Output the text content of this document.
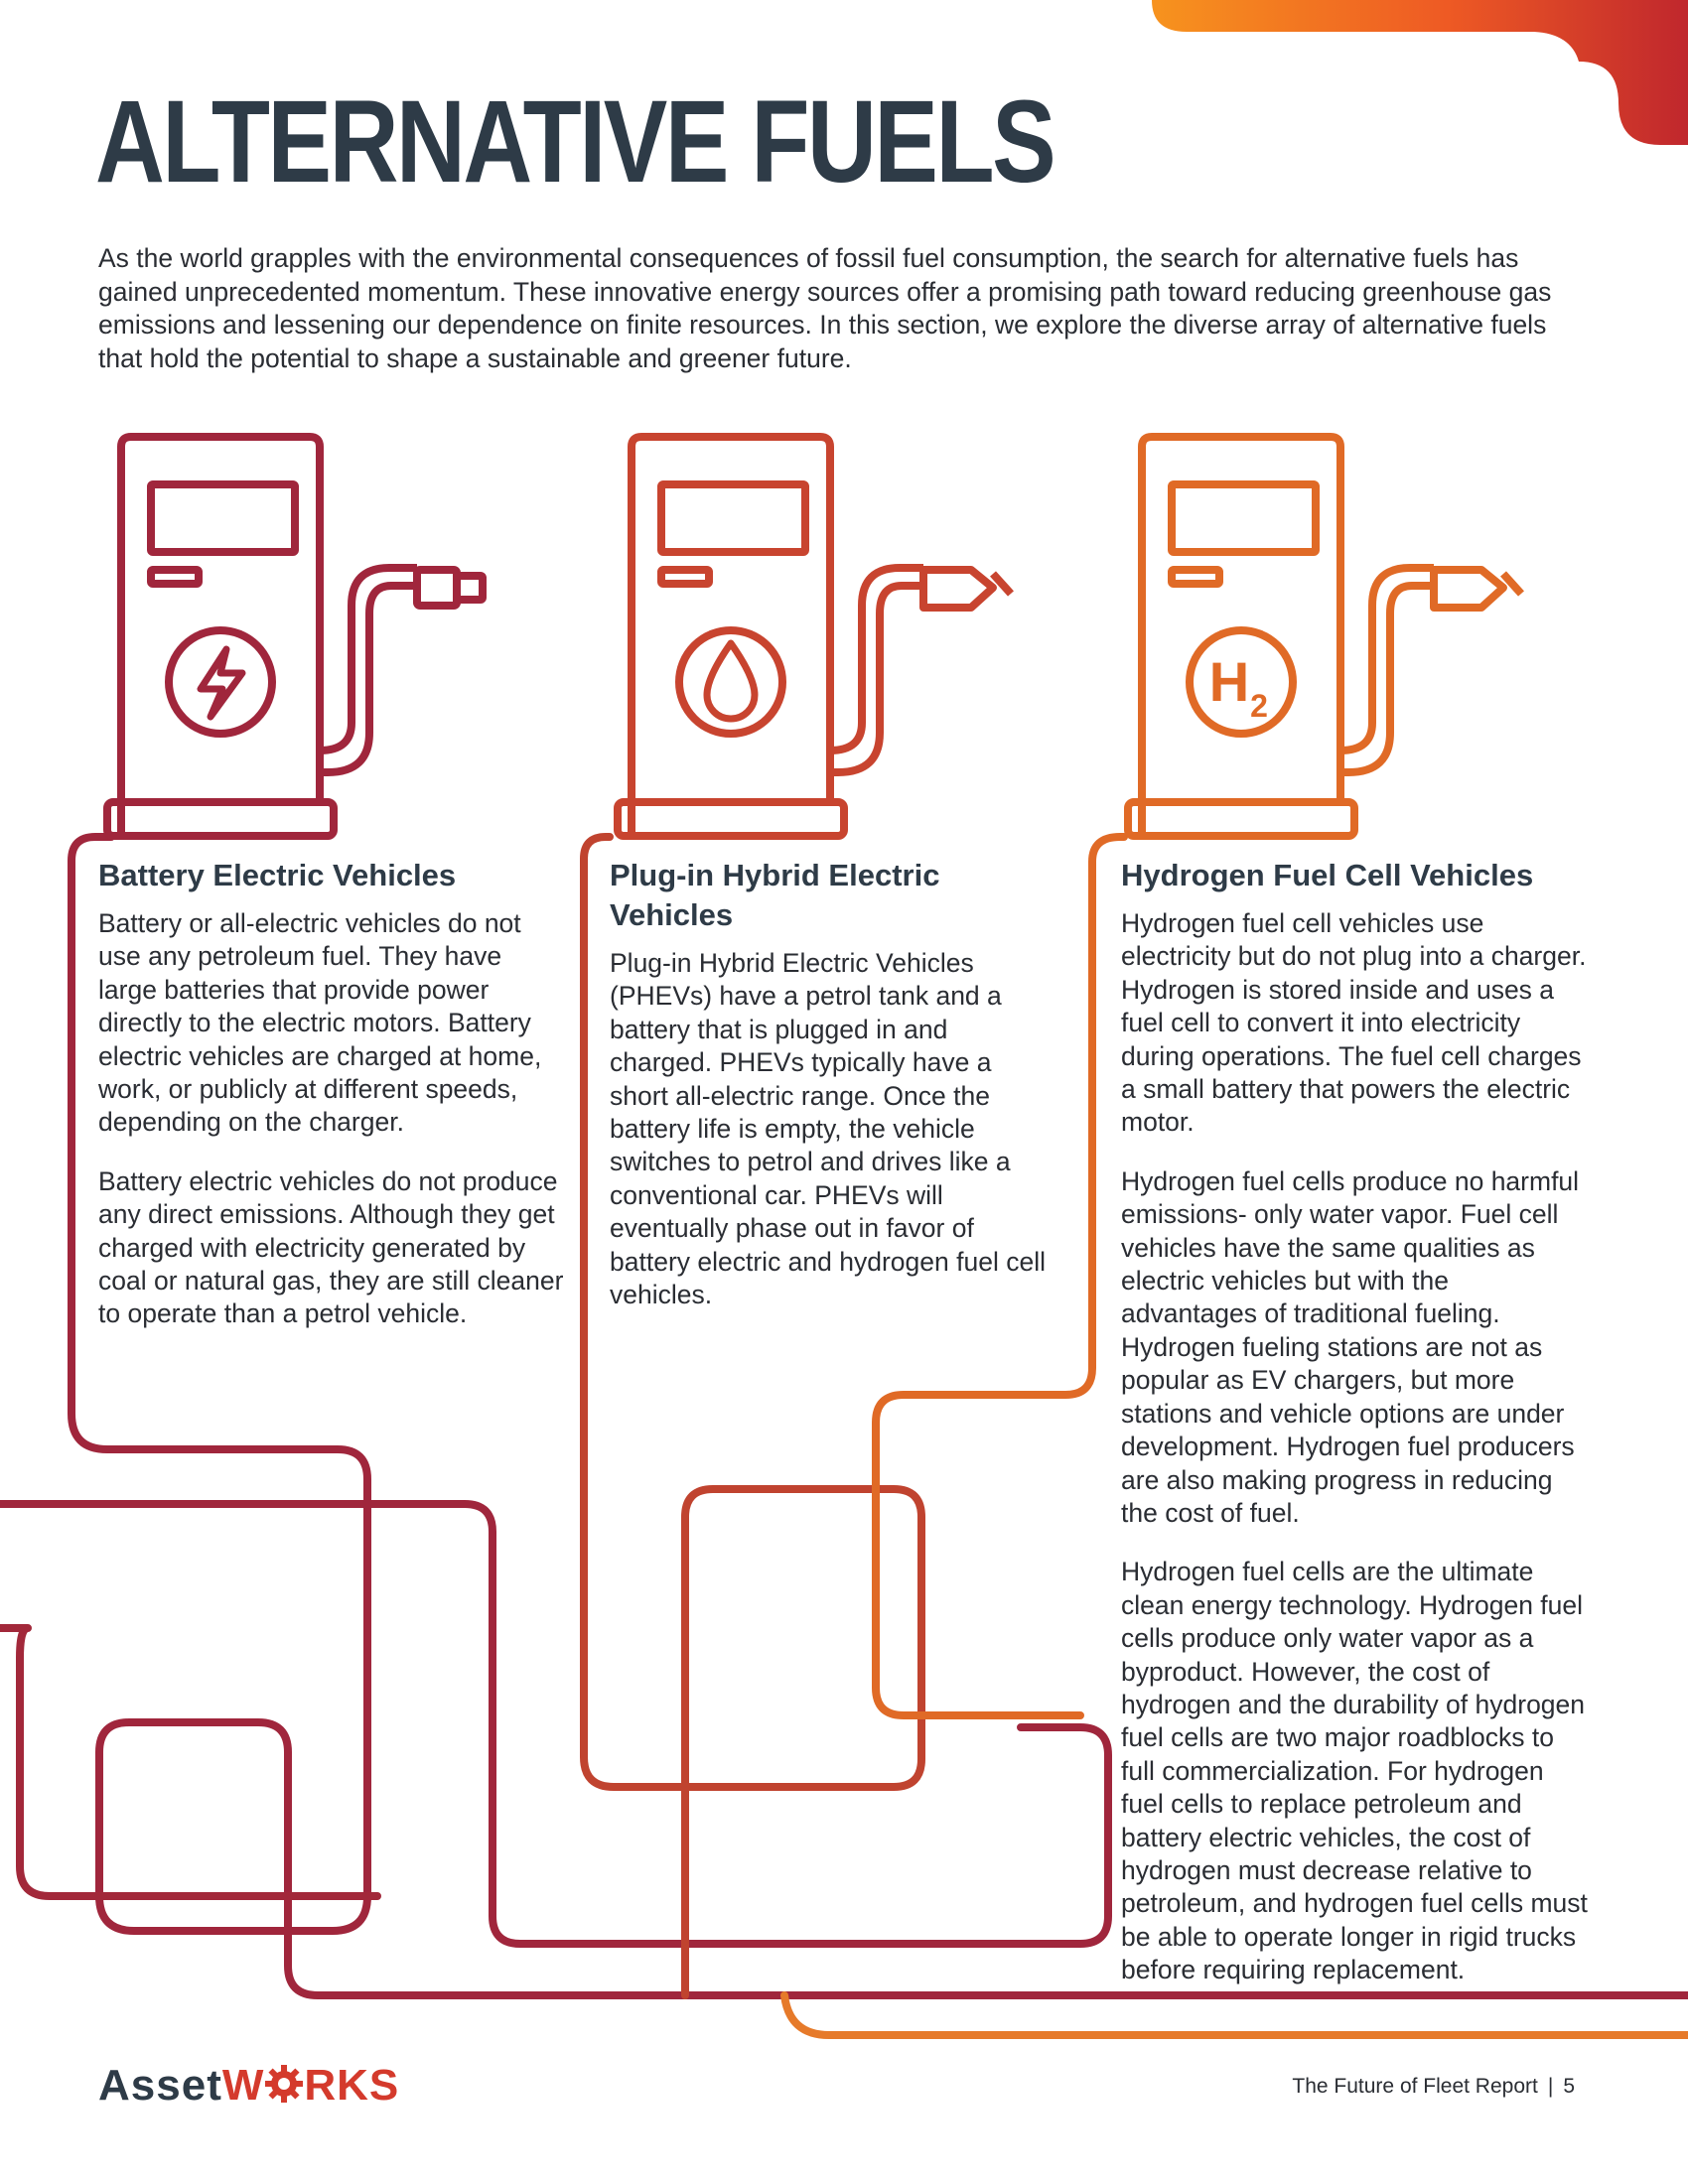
H 2
ALTERNATIVE FUELS

As the world grapples with the environmental consequences of fossil fuel consumption, the search for alternative fuels has gained unprecedented momentum. These innovative energy sources offer a promising path toward reducing greenhouse gas emissions and lessening our dependence on finite resources. In this section, we explore the diverse array of alternative fuels that hold the potential to shape a sustainable and greener future.

Battery Electric Vehicles

Battery or all-electric vehicles do not use any petroleum fuel. They have large batteries that provide power directly to the electric motors. Battery electric vehicles are charged at home, work, or publicly at different speeds, depending on the charger.

Battery electric vehicles do not produce any direct emissions. Although they get charged with electricity generated by coal or natural gas, they are still cleaner to operate than a petrol vehicle.

Plug-in Hybrid Electric Vehicles

Plug-in Hybrid Electric Vehicles (PHEVs) have a petrol tank and a battery that is plugged in and charged. PHEVs typically have a short all-electric range. Once the battery life is empty, the vehicle switches to petrol and drives like a conventional car. PHEVs will eventually phase out in favor of battery electric and hydrogen fuel cell vehicles.

Hydrogen Fuel Cell Vehicles

Hydrogen fuel cell vehicles use electricity but do not plug into a charger. Hydrogen is stored inside and uses a fuel cell to convert it into electricity during operations. The fuel cell charges a small battery that powers the electric motor.

Hydrogen fuel cells produce no harmful emissions- only water vapor. Fuel cell vehicles have the same qualities as electric vehicles but with the advantages of traditional fueling. Hydrogen fueling stations are not as popular as EV chargers, but more stations and vehicle options are under development. Hydrogen fuel producers are also making progress in reducing the cost of fuel.

Hydrogen fuel cells are the ultimate clean energy technology. Hydrogen fuel cells produce only water vapor as a byproduct. However, the cost of hydrogen and the durability of hydrogen fuel cells are two major roadblocks to full commercialization. For hydrogen fuel cells to replace petroleum and battery electric vehicles, the cost of hydrogen must decrease relative to petroleum, and hydrogen fuel cells must be able to operate longer in rigid trucks before requiring replacement.

AssetW RKS	The Future of Fleet Report | 5
